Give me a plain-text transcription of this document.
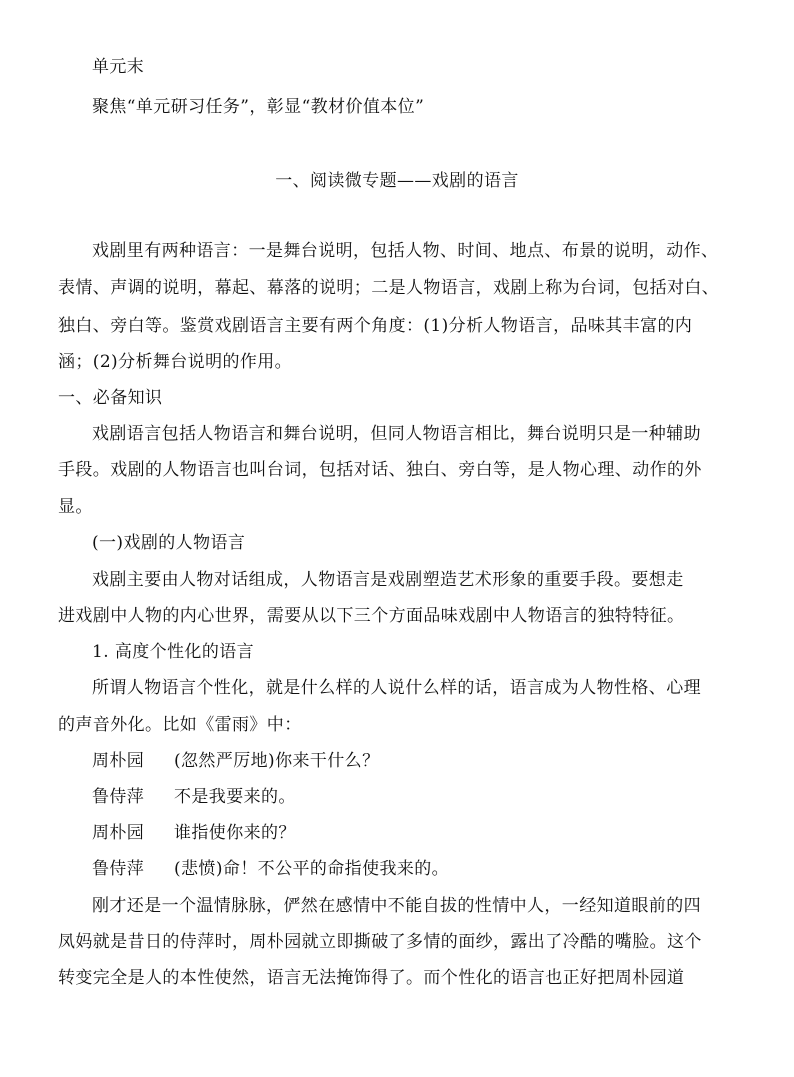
单元末
聚焦“单元研习任务”，彰显“教材价值本位”
一、阅读微专题——戏剧的语言
戏剧里有两种语言：一是舞台说明，包括人物、时间、地点、布景的说明，动作、
表情、声调的说明，幕起、幕落的说明；二是人物语言，戏剧上称为台词，包括对白、
独白、旁白等。鉴赏戏剧语言主要有两个角度：(1)分析人物语言，品味其丰富的内
涵；(2)分析舞台说明的作用。
一、必备知识
戏剧语言包括人物语言和舞台说明，但同人物语言相比，舞台说明只是一种辅助
手段。戏剧的人物语言也叫台词，包括对话、独白、旁白等，是人物心理、动作的外
显。
(一)戏剧的人物语言
戏剧主要由人物对话组成，人物语言是戏剧塑造艺术形象的重要手段。要想走
进戏剧中人物的内心世界，需要从以下三个方面品味戏剧中人物语言的独特特征。
1. 高度个性化的语言
所谓人物语言个性化，就是什么样的人说什么样的话，语言成为人物性格、心理
的声音外化。比如《雷雨》中：
周朴园 (忽然严厉地)你来干什么？
鲁侍萍 不是我要来的。
周朴园 谁指使你来的？
鲁侍萍 (悲愤)命！不公平的命指使我来的。
刚才还是一个温情脉脉，俨然在感情中不能自拔的性情中人，一经知道眼前的四
凤妈就是昔日的侍萍时，周朴园就立即撕破了多情的面纱，露出了冷酷的嘴脸。这个
转变完全是人的本性使然，语言无法掩饰得了。而个性化的语言也正好把周朴园道
